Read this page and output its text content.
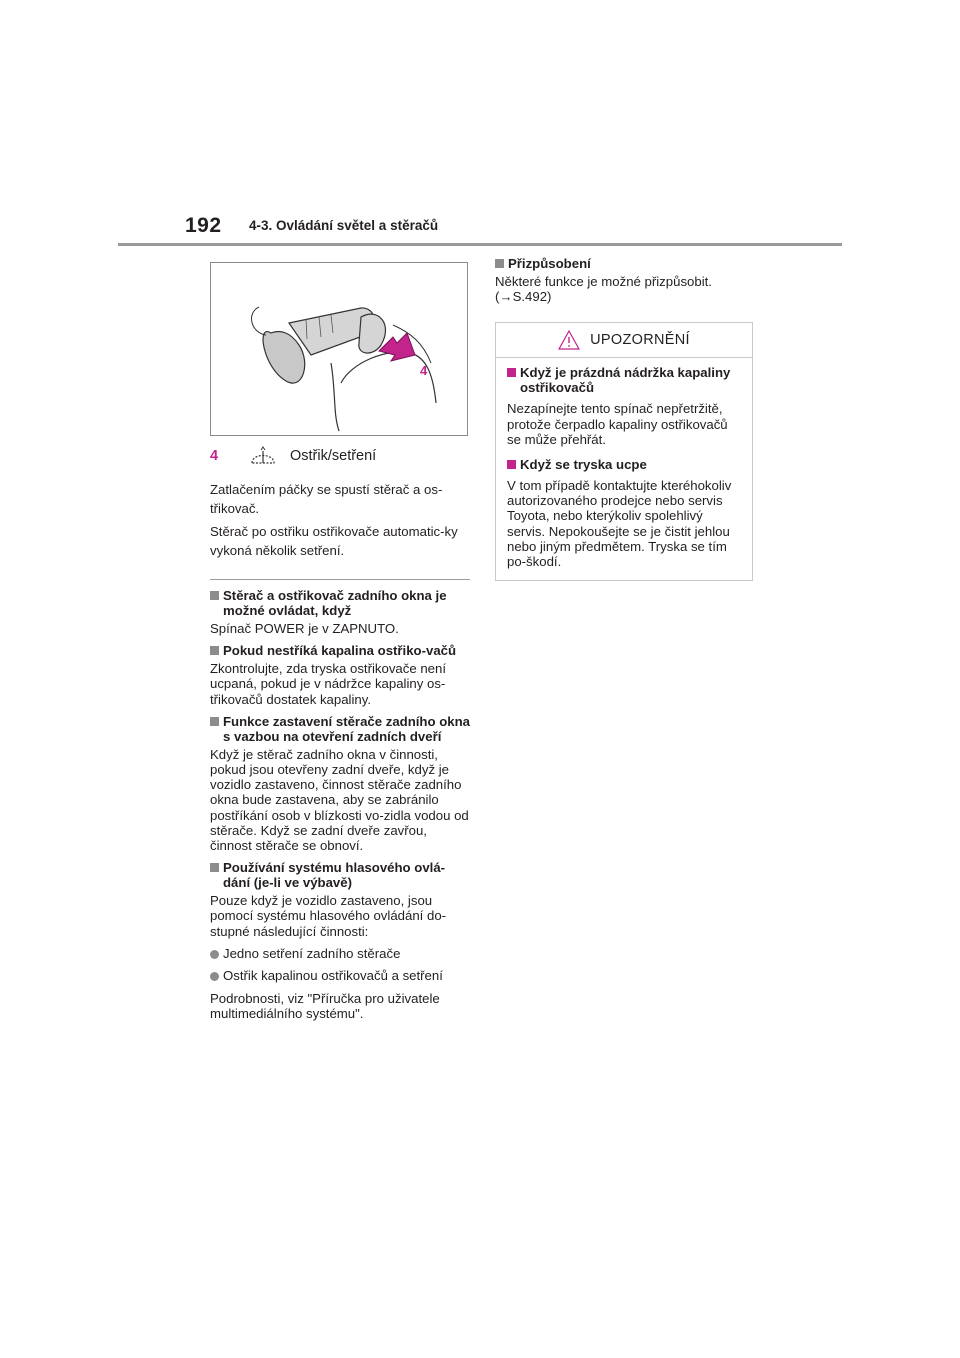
192 4-3. Ovládání světel a stěračů
4
4	Ostřik/setření

Zatlačením páčky se spustí stěrač a os-třikovač.

Stěrač po ostřiku ostřikovače automatic-ky vykoná několik setření.

Stěrač a ostřikovač zadního okna je možné ovládat, když

Spínač POWER je v ZAPNUTO.

Pokud nestříká kapalina ostřiko-vačů

Zkontrolujte, zda tryska ostřikovače není ucpaná, pokud je v nádržce kapaliny os-třikovačů dostatek kapaliny.

Funkce zastavení stěrače zadního okna s vazbou na otevření zadních dveří

Když je stěrač zadního okna v činnosti, pokud jsou otevřeny zadní dveře, když je vozidlo zastaveno, činnost stěrače zadního okna bude zastavena, aby se zabránilo postříkání osob v blízkosti vo-zidla vodou od stěrače. Když se zadní dveře zavřou, činnost stěrače se obnoví.

Používání systému hlasového ovlá-dání (je-li ve výbavě)

Pouze když je vozidlo zastaveno, jsou pomocí systému hlasového ovládání do-stupné následující činnosti:

Jedno setření zadního stěrače
Ostřik kapalinou ostřikovačů a setření

Podrobnosti, viz "Příručka pro uživatele multimediálního systému".

Přizpůsobení

Některé funkce je možné přizpůsobit. (→S.492)

UPOZORNĚNÍ
Když je prázdná nádržka kapaliny ostřikovačů

Nezapínejte tento spínač nepřetržitě, protože čerpadlo kapaliny ostřikovačů se může přehřát.

Když se tryska ucpe

V tom případě kontaktujte kteréhokoliv autorizovaného prodejce nebo servis Toyota, nebo kterýkoliv spolehlivý servis. Nepokoušejte se je čistit jehlou nebo jiným předmětem. Tryska se tím po-škodí.
